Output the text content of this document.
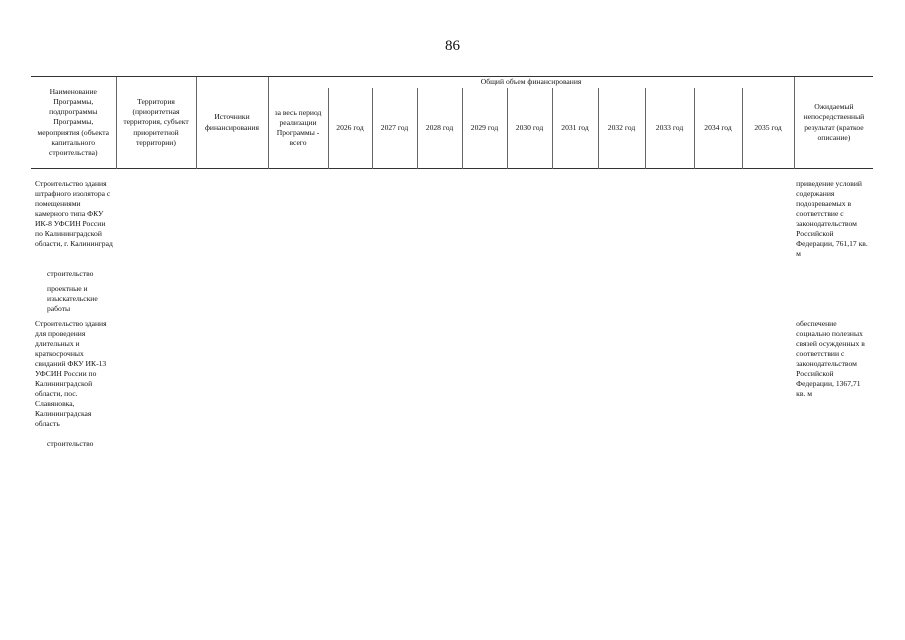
86
Наименование Программы, подпрограммы Программы, мероприятия (объекта капитального строительства)	Территория (приоритетная территория, субъект приоритетной территории)	Источники финансирования	Общий объем финансирования											Ожидаемый непосредственный результат (краткое описание)
			за весь период реализации Программы - всего	2026 год	2027 год	2028 год	2029 год	2030 год	2031 год	2032 год	2033 год	2034 год	2035 год	

Строительство здания штрафного изолятора с помещениями камерного типа ФКУ ИК-8 УФСИН России по Калининградской области, г. Калининград														приведение условий содержания подозреваемых в соответствие с законодательством Российской Федерации, 761,17 кв. м

строительство														

проектные и изыскательские работы														

Строительство здания для проведения длительных и краткосрочных свиданий ФКУ ИК-13 УФСИН России по Калининградской области, пос. Славяновка, Калининградская область														обеспечение социально полезных связей осужденных в соответствии с законодательством Российской Федерации, 1367,71 кв. м

строительство														
